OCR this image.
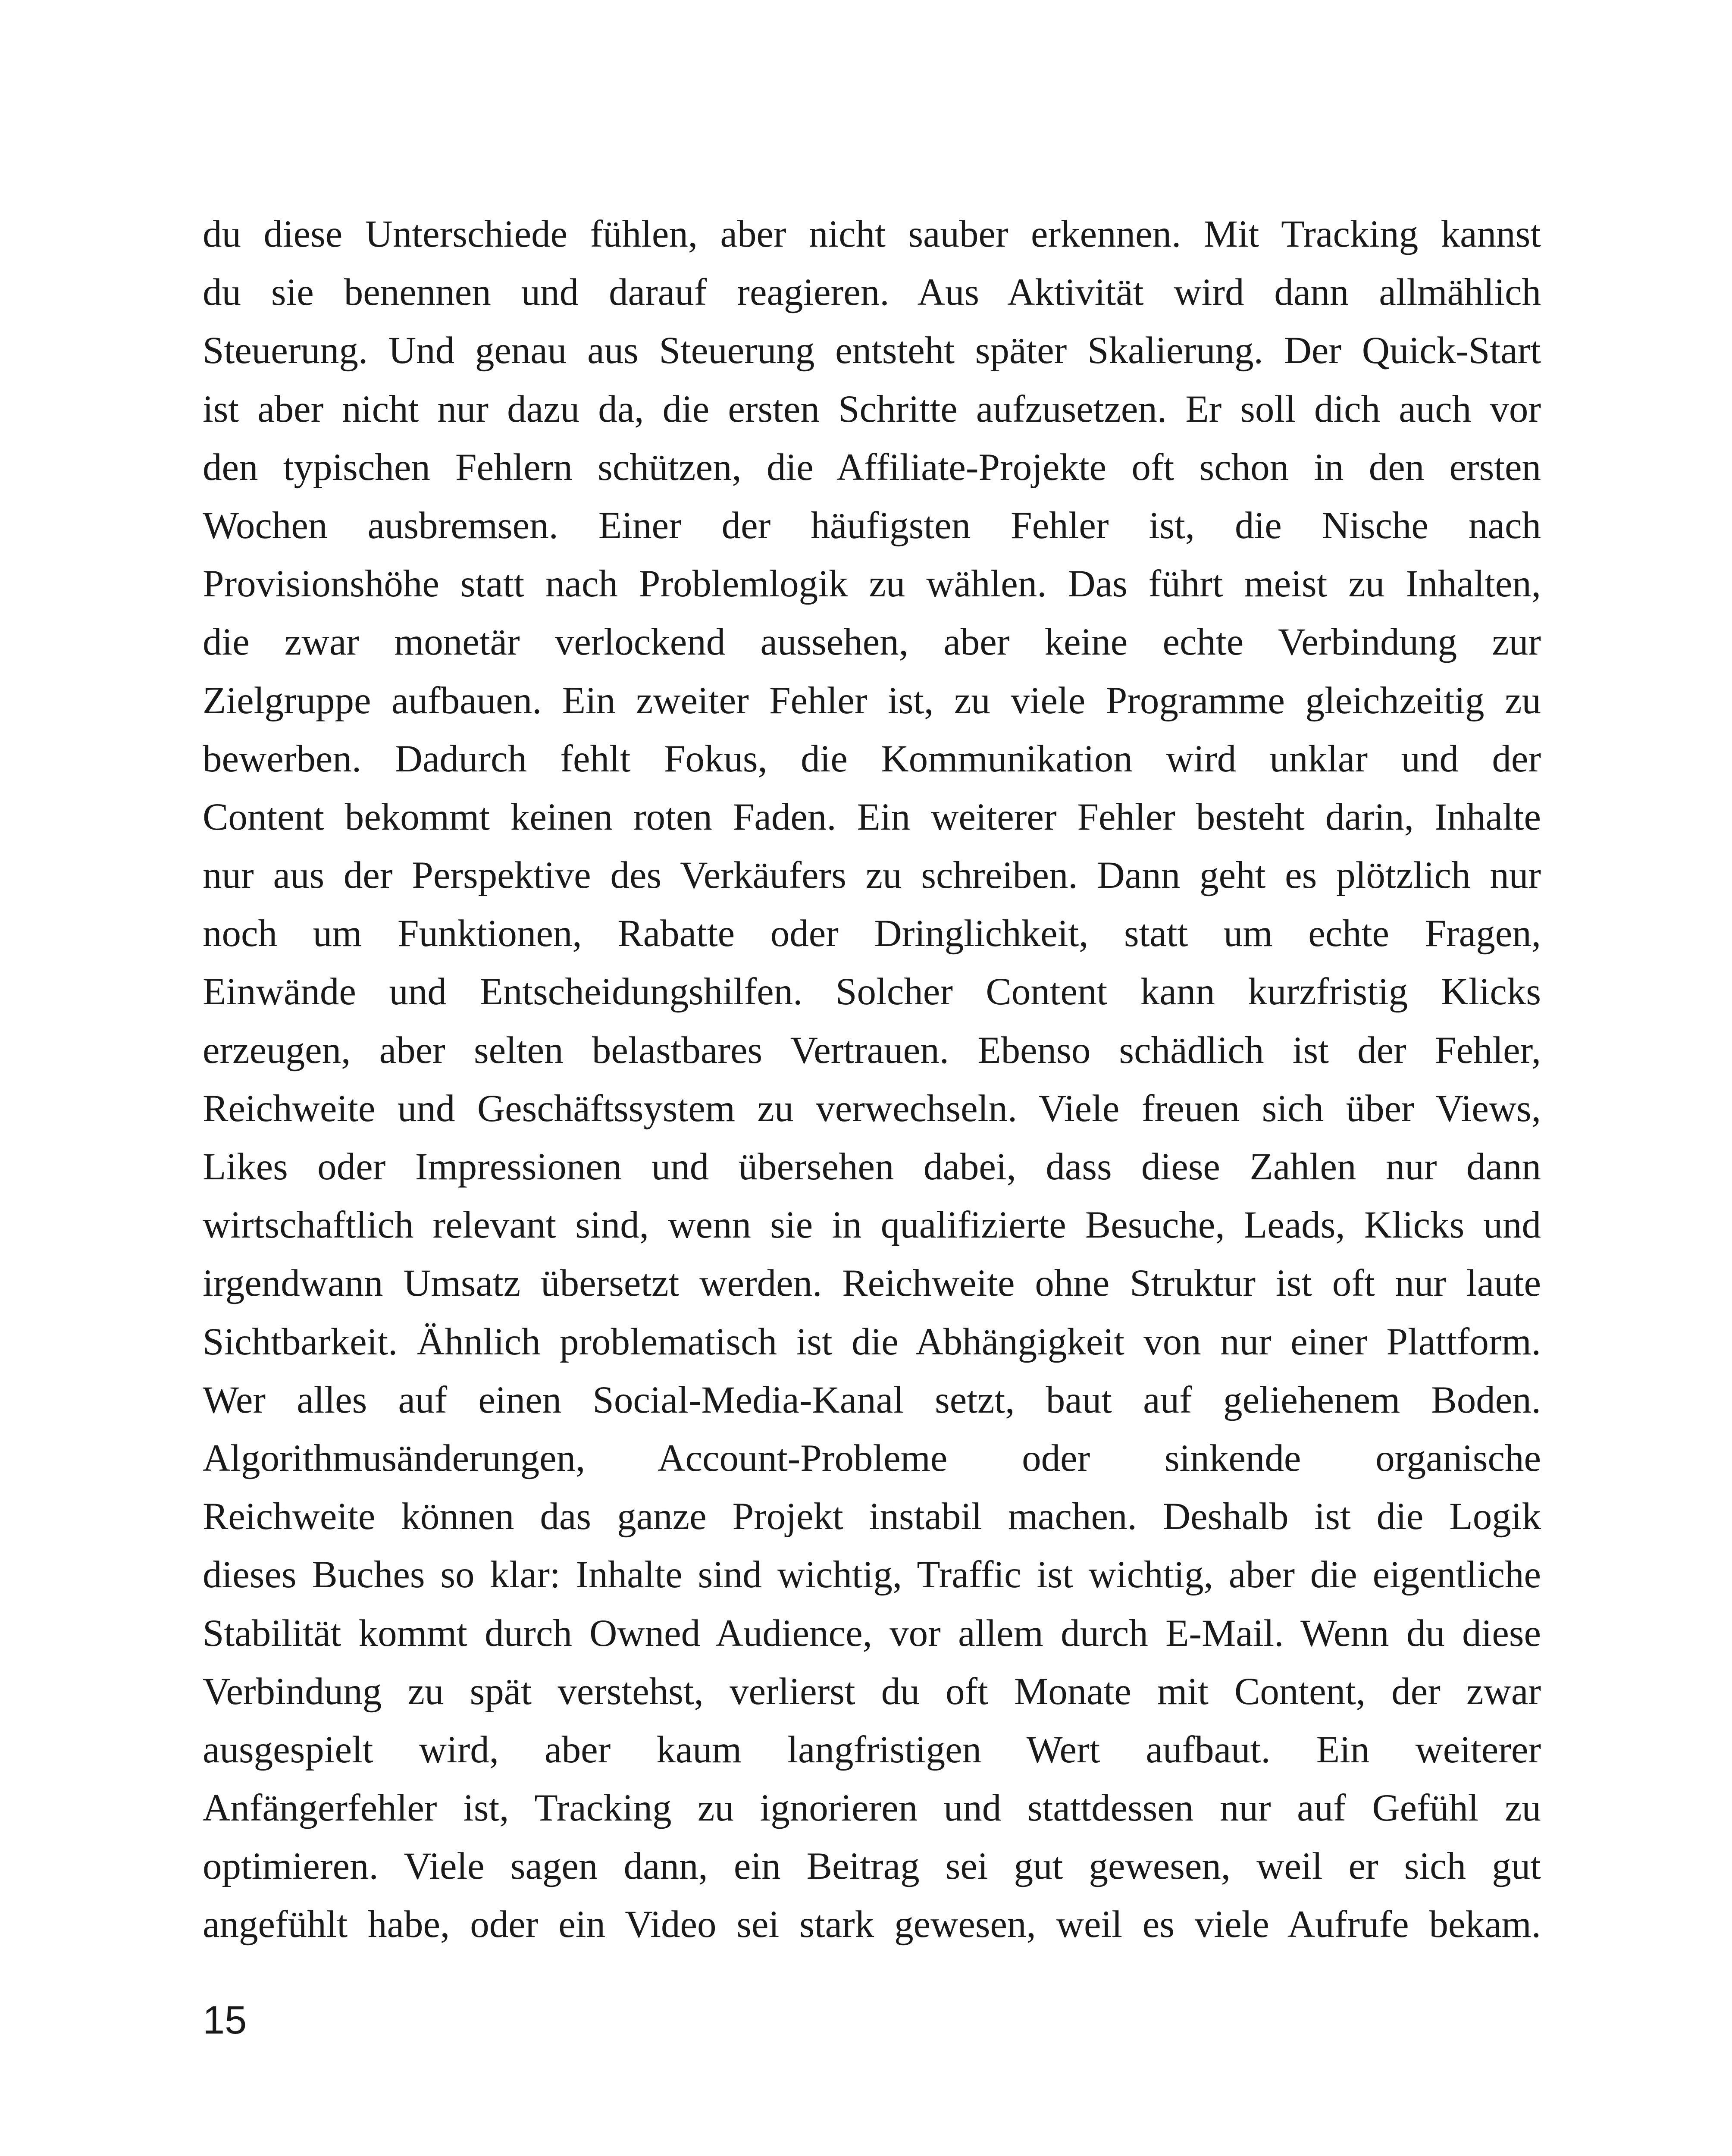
du diese Unterschiede fühlen, aber nicht sauber erkennen. Mit Tracking kannst
du sie benennen und darauf reagieren. Aus Aktivität wird dann allmählich
Steuerung. Und genau aus Steuerung entsteht später Skalierung. Der Quick-Start
ist aber nicht nur dazu da, die ersten Schritte aufzusetzen. Er soll dich auch vor
den typischen Fehlern schützen, die Affiliate-Projekte oft schon in den ersten
Wochen ausbremsen. Einer der häufigsten Fehler ist, die Nische nach
Provisionshöhe statt nach Problemlogik zu wählen. Das führt meist zu Inhalten,
die zwar monetär verlockend aussehen, aber keine echte Verbindung zur
Zielgruppe aufbauen. Ein zweiter Fehler ist, zu viele Programme gleichzeitig zu
bewerben. Dadurch fehlt Fokus, die Kommunikation wird unklar und der
Content bekommt keinen roten Faden. Ein weiterer Fehler besteht darin, Inhalte
nur aus der Perspektive des Verkäufers zu schreiben. Dann geht es plötzlich nur
noch um Funktionen, Rabatte oder Dringlichkeit, statt um echte Fragen,
Einwände und Entscheidungshilfen. Solcher Content kann kurzfristig Klicks
erzeugen, aber selten belastbares Vertrauen. Ebenso schädlich ist der Fehler,
Reichweite und Geschäftssystem zu verwechseln. Viele freuen sich über Views,
Likes oder Impressionen und übersehen dabei, dass diese Zahlen nur dann
wirtschaftlich relevant sind, wenn sie in qualifizierte Besuche, Leads, Klicks und
irgendwann Umsatz übersetzt werden. Reichweite ohne Struktur ist oft nur laute
Sichtbarkeit. Ähnlich problematisch ist die Abhängigkeit von nur einer Plattform.
Wer alles auf einen Social-Media-Kanal setzt, baut auf geliehenem Boden.
Algorithmusänderungen, Account-Probleme oder sinkende organische
Reichweite können das ganze Projekt instabil machen. Deshalb ist die Logik
dieses Buches so klar: Inhalte sind wichtig, Traffic ist wichtig, aber die eigentliche
Stabilität kommt durch Owned Audience, vor allem durch E-Mail. Wenn du diese
Verbindung zu spät verstehst, verlierst du oft Monate mit Content, der zwar
ausgespielt wird, aber kaum langfristigen Wert aufbaut. Ein weiterer
Anfängerfehler ist, Tracking zu ignorieren und stattdessen nur auf Gefühl zu
optimieren. Viele sagen dann, ein Beitrag sei gut gewesen, weil er sich gut
angefühlt habe, oder ein Video sei stark gewesen, weil es viele Aufrufe bekam.
15
